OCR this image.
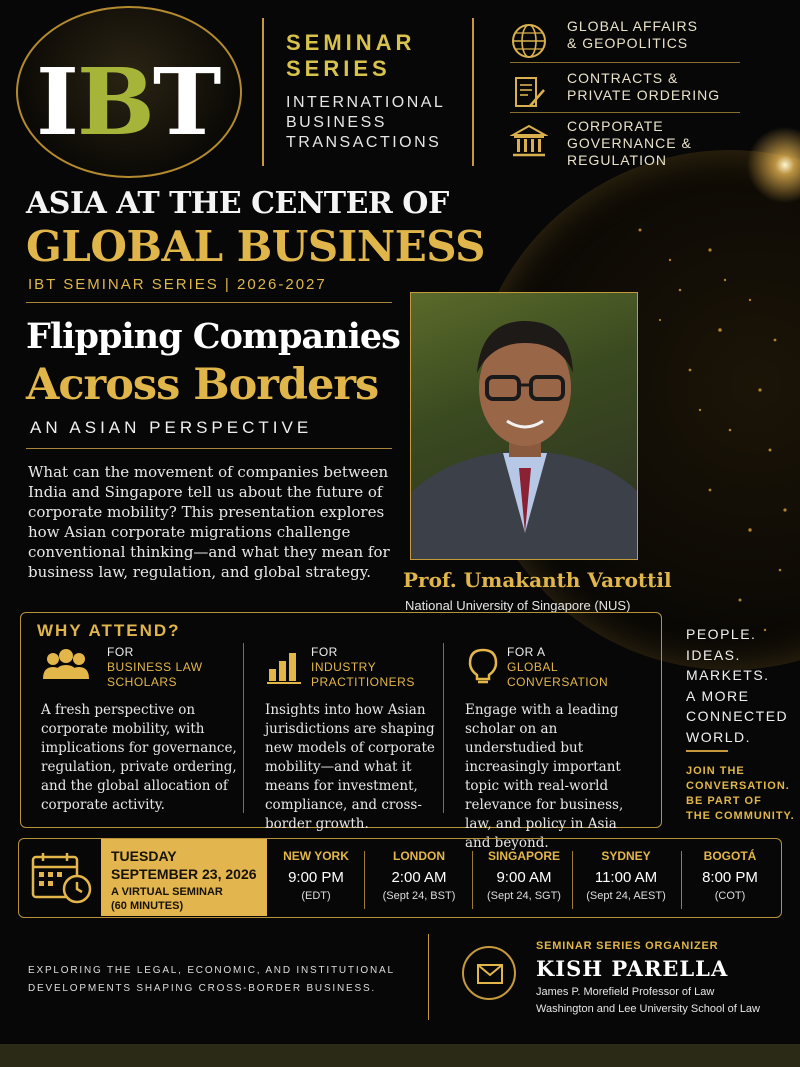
IBT
SEMINAR
SERIES
INTERNATIONAL
BUSINESS
TRANSACTIONS
GLOBAL AFFAIRS
& GEOPOLITICS
CONTRACTS &
PRIVATE ORDERING
CORPORATE
GOVERNANCE &
REGULATION
ASIA AT THE CENTER OF
GLOBAL BUSINESS
IBT SEMINAR SERIES | 2026-2027
Flipping Companies
Across Borders
AN ASIAN PERSPECTIVE
What can the movement of companies between India and Singapore tell us about the future of corporate mobility? This presentation explores how Asian corporate migrations challenge conventional thinking—and what they mean for business law, regulation, and global strategy.	Prof. Umakanth Varottil
National University of Singapore (NUS)
WHY ATTEND?
FOR
BUSINESS LAW
SCHOLARS
A fresh perspective on corporate mobility, with implications for governance, regulation, private ordering, and the global allocation of corporate activity.
FOR
INDUSTRY
PRACTITIONERS
Insights into how Asian jurisdictions are shaping new models of corporate mobility—and what it means for investment, compliance, and cross-border growth.
FOR A
GLOBAL
CONVERSATION
Engage with a leading scholar on an understudied but increasingly important topic with real-world relevance for business, law, and policy in Asia and beyond.
PEOPLE.
IDEAS.
MARKETS.
A MORE
CONNECTED
WORLD.
JOIN THE
CONVERSATION.
BE PART OF
THE COMMUNITY.
TUESDAY
SEPTEMBER 23, 2026
A VIRTUAL SEMINAR
(60 MINUTES)
NEW YORK
9:00 PM
(EDT)
LONDON
2:00 AM
(Sept 24, BST)
SINGAPORE
9:00 AM
(Sept 24, SGT)
SYDNEY
11:00 AM
(Sept 24, AEST)
BOGOTÁ
8:00 PM
(COT)
EXPLORING THE LEGAL, ECONOMIC, AND INSTITUTIONAL
DEVELOPMENTS SHAPING CROSS-BORDER BUSINESS.
SEMINAR SERIES ORGANIZER
KISH PARELLA
James P. Morefield Professor of Law
Washington and Lee University School of Law
